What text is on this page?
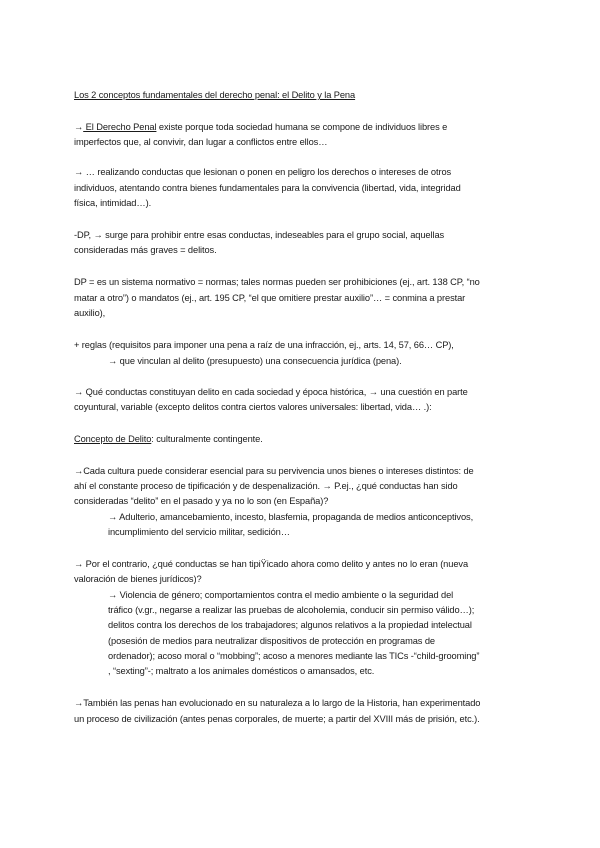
Los 2 conceptos fundamentales del derecho penal: el Delito y la Pena
→ El Derecho Penal existe porque toda sociedad humana se compone de individuos libres e
imperfectos que, al convivir, dan lugar a conflictos entre ellos…
→ … realizando conductas que lesionan o ponen en peligro los derechos o intereses de otros
individuos, atentando contra bienes fundamentales para la convivencia (libertad, vida, integridad
física, intimidad…).
-DP, → surge para prohibir entre esas conductas, indeseables para el grupo social, aquellas
consideradas más graves = delitos.
DP = es un sistema normativo = normas; tales normas pueden ser prohibiciones (ej., art. 138 CP, “no
matar a otro”) o mandatos (ej., art. 195 CP, “el que omitiere prestar auxilio”… = conmina a prestar
auxilio),
+ reglas (requisitos para imponer una pena a raíz de una infracción, ej., arts. 14, 57, 66… CP),
→ que vinculan al delito (presupuesto) una consecuencia jurídica (pena).
→ Qué conductas constituyan delito en cada sociedad y época histórica, → una cuestión en parte
coyuntural, variable (excepto delitos contra ciertos valores universales: libertad, vida… .):
Concepto de Delito: culturalmente contingente.
→Cada cultura puede considerar esencial para su pervivencia unos bienes o intereses distintos: de
ahí el constante proceso de tipificación y de despenalización. → P.ej., ¿qué conductas han sido
consideradas “delito” en el pasado y ya no lo son (en España)?
→ Adulterio, amancebamiento, incesto, blasfemia, propaganda de medios anticonceptivos,
incumplimiento del servicio militar, sedición…
→ Por el contrario, ¿qué conductas se han tipiŸicado ahora como delito y antes no lo eran (nueva
valoración de bienes jurídicos)?
→ Violencia de género; comportamientos contra el medio ambiente o la seguridad del
tráfico (v.gr., negarse a realizar las pruebas de alcoholemia, conducir sin permiso válido…);
delitos contra los derechos de los trabajadores; algunos relativos a la propiedad intelectual
(posesión de medios para neutralizar dispositivos de protección en programas de
ordenador); acoso moral o “mobbing”; acoso a menores mediante las TICs -“child-grooming”
, “sexting”-; maltrato a los animales domésticos o amansados, etc.
→También las penas han evolucionado en su naturaleza a lo largo de la Historia, han experimentado
un proceso de civilización (antes penas corporales, de muerte; a partir del XVIII más de prisión, etc.).
